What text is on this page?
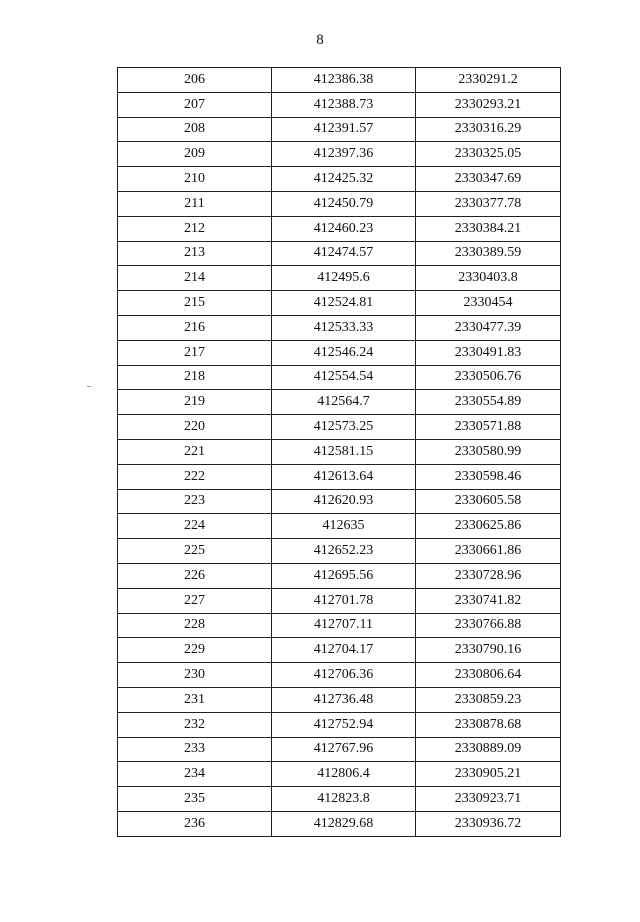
8
206	412386.38	2330291.2
207	412388.73	2330293.21
208	412391.57	2330316.29
209	412397.36	2330325.05
210	412425.32	2330347.69
211	412450.79	2330377.78
212	412460.23	2330384.21
213	412474.57	2330389.59
214	412495.6	2330403.8
215	412524.81	2330454
216	412533.33	2330477.39
217	412546.24	2330491.83
218	412554.54	2330506.76
219	412564.7	2330554.89
220	412573.25	2330571.88
221	412581.15	2330580.99
222	412613.64	2330598.46
223	412620.93	2330605.58
224	412635	2330625.86
225	412652.23	2330661.86
226	412695.56	2330728.96
227	412701.78	2330741.82
228	412707.11	2330766.88
229	412704.17	2330790.16
230	412706.36	2330806.64
231	412736.48	2330859.23
232	412752.94	2330878.68
233	412767.96	2330889.09
234	412806.4	2330905.21
235	412823.8	2330923.71
236	412829.68	2330936.72
